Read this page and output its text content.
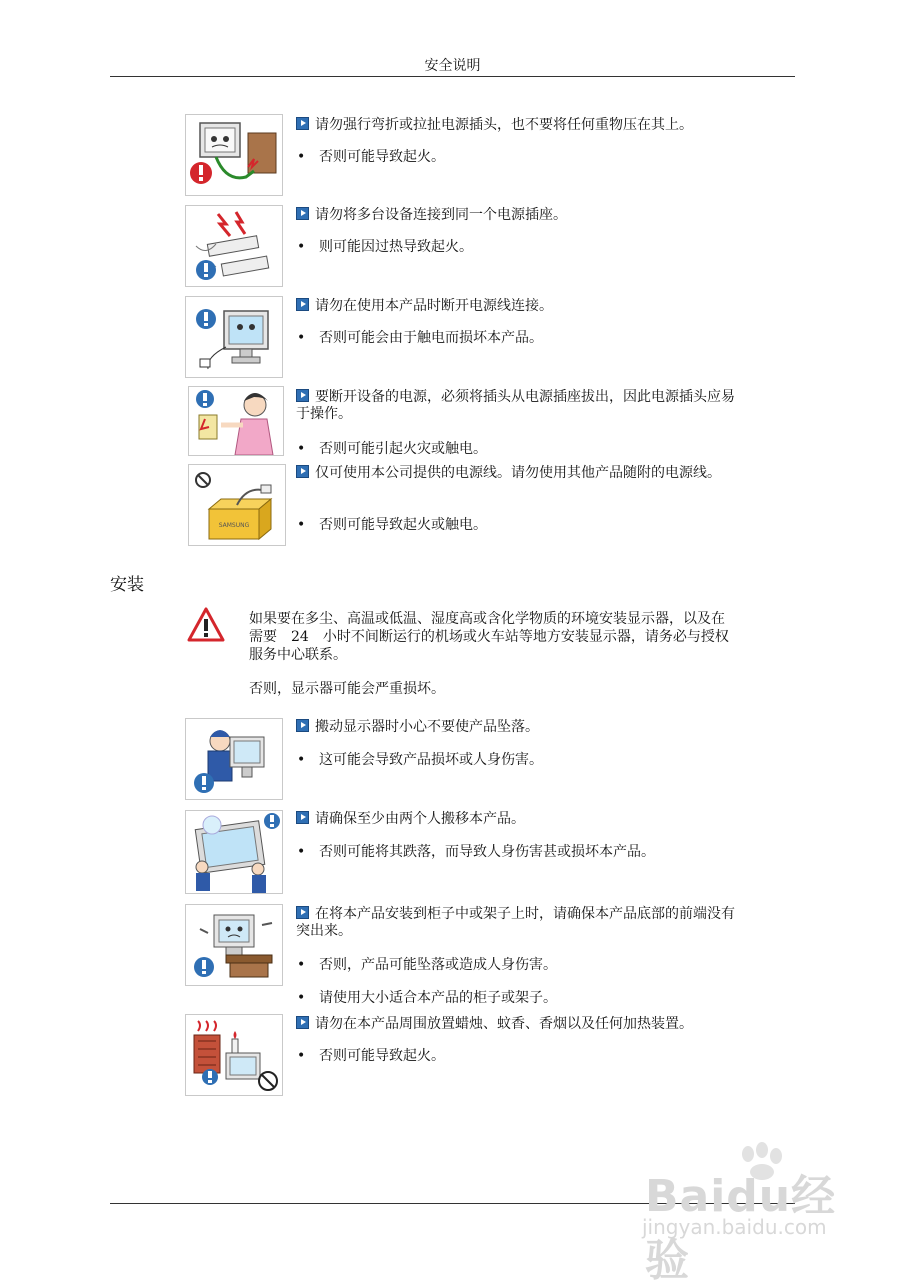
安全说明
请勿强行弯折或拉扯电源插头，也不要将任何重物压在其上。
• 否则可能导致起火。
请勿将多台设备连接到同一个电源插座。
• 则可能因过热导致起火。
请勿在使用本产品时断开电源线连接。
• 否则可能会由于触电而损坏本产品。
要断开设备的电源，必须将插头从电源插座拔出，因此电源插头应易于操作。
• 否则可能引起火灾或触电。
SAMSUNG
仅可使用本公司提供的电源线。请勿使用其他产品随附的电源线。
• 否则可能导致起火或触电。
安装
如果要在多尘、高温或低温、湿度高或含化学物质的环境安装显示器，以及在需要　24　小时不间断运行的机场或火车站等地方安装显示器，请务必与授权服务中心联系。
否则，显示器可能会严重损坏。
搬动显示器时小心不要使产品坠落。
• 这可能会导致产品损坏或人身伤害。
请确保至少由两个人搬移本产品。
• 否则可能将其跌落，而导致人身伤害甚或损坏本产品。
在将本产品安装到柜子中或架子上时，请确保本产品底部的前端没有突出来。
• 否则，产品可能坠落或造成人身伤害。
• 请使用大小适合本产品的柜子或架子。
请勿在本产品周围放置蜡烛、蚊香、香烟以及任何加热装置。
• 否则可能导致起火。
Baidu经验
jingyan.baidu.com
